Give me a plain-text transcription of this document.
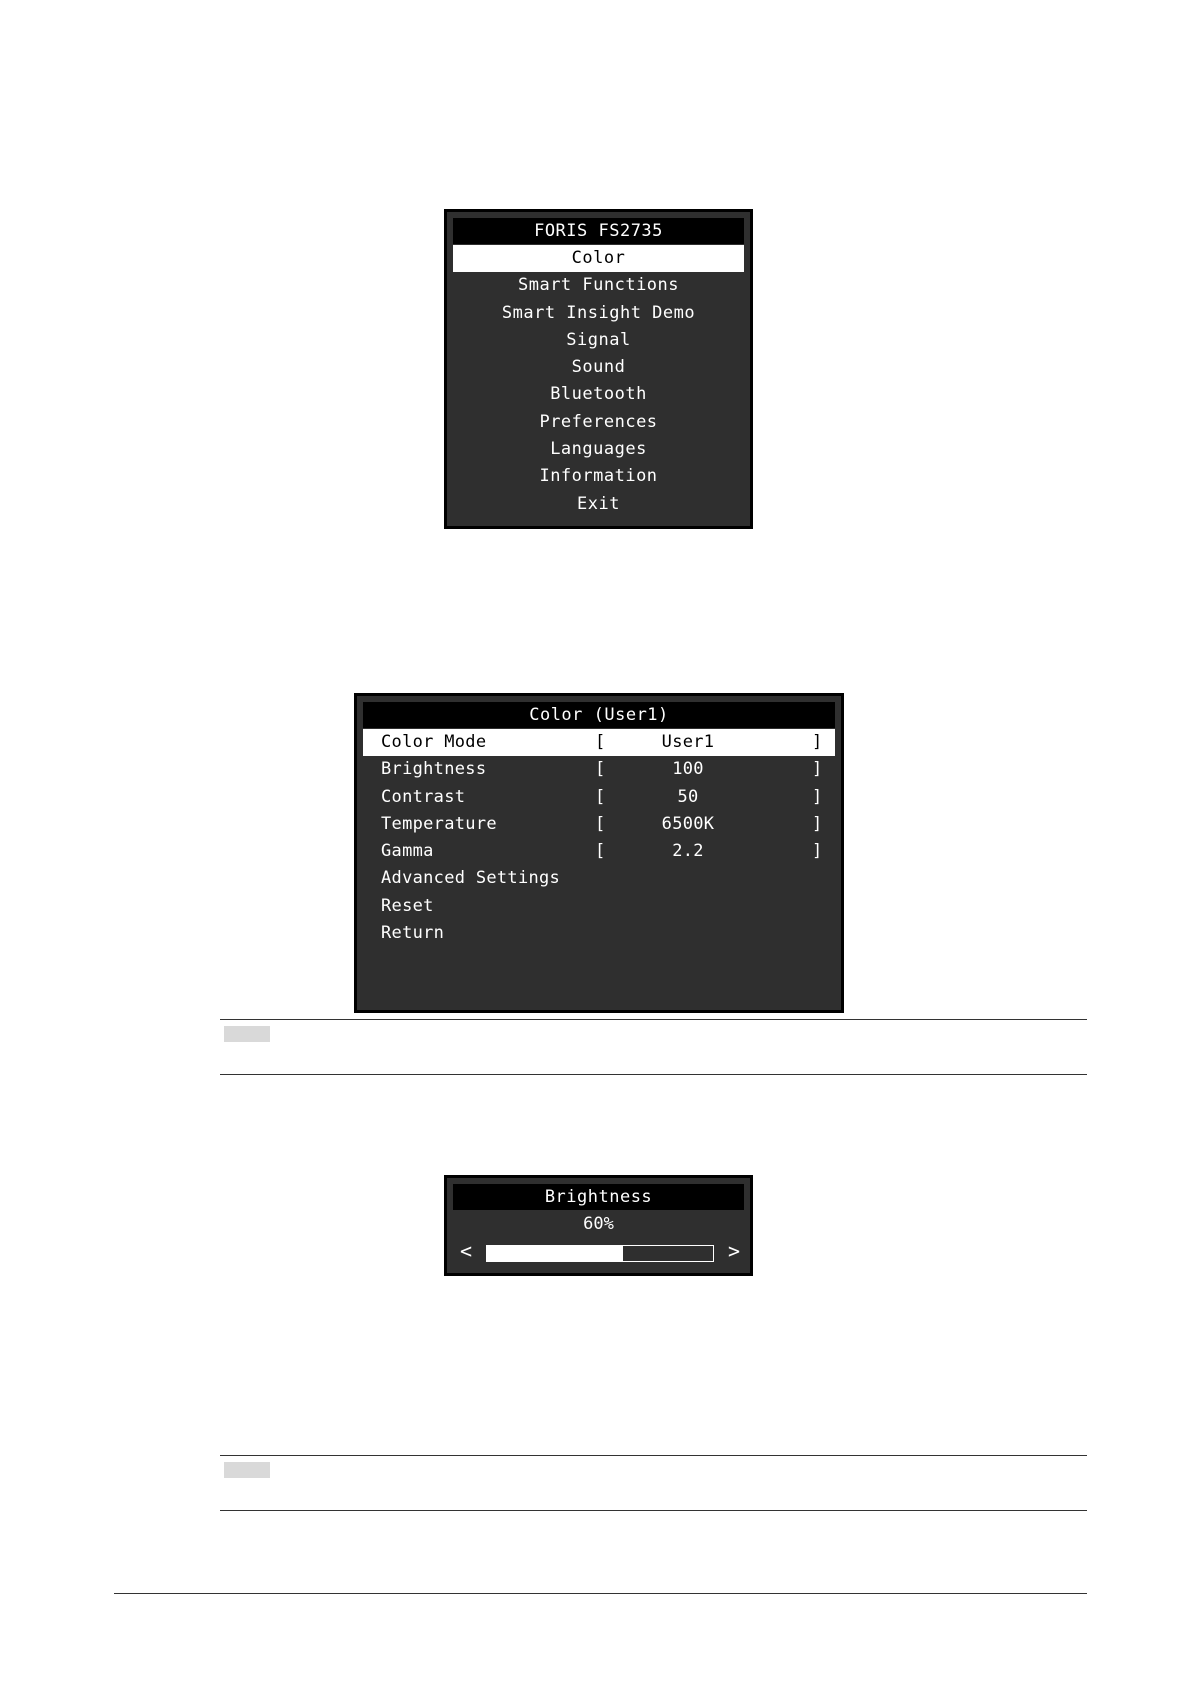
FORIS FS2735
Color
Smart Functions
Smart Insight Demo
Signal
Sound
Bluetooth
Preferences
Languages
Information
Exit
Color (User1)
Color Mode	[	User1	]
Brightness	[	100	]
Contrast	[	50	]
Temperature	[	6500K	]
Gamma	[	2.2	]
Advanced Settings
Reset
Return
Brightness
60%
<	>
